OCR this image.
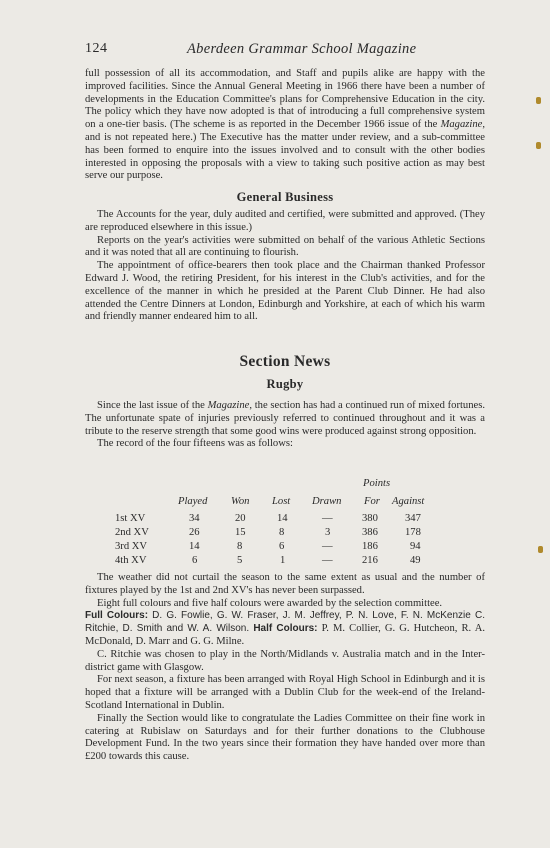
124	Aberdeen Grammar School Magazine

full possession of all its accommodation, and Staff and pupils alike are happy with the improved facilities. Since the Annual General Meeting in 1966 there have been a number of developments in the Education Committee's plans for Comprehensive Education in the city. The policy which they have now adopted is that of introducing a full comprehensive system on a one-tier basis. (The scheme is as reported in the December 1966 issue of the Magazine, and is not repeated here.) The Executive has the matter under review, and a sub-committee has been formed to enquire into the issues involved and to consult with the other bodies interested in opposing the proposals with a view to taking such positive action as may best serve our purpose.

General Business

The Accounts for the year, duly audited and certified, were submitted and approved. (They are reproduced elsewhere in this issue.)

Reports on the year's activities were submitted on behalf of the various Athletic Sections and it was noted that all are continuing to flourish.

The appointment of office-bearers then took place and the Chairman thanked Professor Edward J. Wood, the retiring President, for his interest in the Club's activities, and for the excellence of the manner in which he presided at the Parent Club Dinner. He had also attended the Centre Dinners at London, Edinburgh and Yorkshire, at each of which his warm and friendly manner endeared him to all.

Section News
Rugby

Since the last issue of the Magazine, the section has had a continued run of mixed fortunes. The unfortunate spate of injuries previously referred to continued throughout and it was a tribute to the reserve strength that some good wins were produced against strong opposition.

The record of the four fifteens was as follows:

Points
Played Won Lost Drawn For Against
1st XV	34	20	14	—	380	347
2nd XV	26	15	8	3	386	178
3rd XV	14	8	6	—	186	94
4th XV	6	5	1	—	216	49

The weather did not curtail the season to the same extent as usual and the number of fixtures played by the 1st and 2nd XV's has never been surpassed.

Eight full colours and five half colours were awarded by the selection committee.

Full Colours: D. G. Fowlie, G. W. Fraser, J. M. Jeffrey, P. N. Love, F. N. McKenzie C. Ritchie, D. Smith and W. A. Wilson. Half Colours: P. M. Collier, G. G. Hutcheon, R. A. McDonald, D. Marr and G. G. Milne.

C. Ritchie was chosen to play in the North/Midlands v. Australia match and in the Inter-district game with Glasgow.

For next season, a fixture has been arranged with Royal High School in Edinburgh and it is hoped that a fixture will be arranged with a Dublin Club for the week-end of the Ireland-Scotland International in Dublin.

Finally the Section would like to congratulate the Ladies Committee on their fine work in catering at Rubislaw on Saturdays and for their further donations to the Clubhouse Development Fund. In the two years since their formation they have handed over more than £200 towards this cause.
